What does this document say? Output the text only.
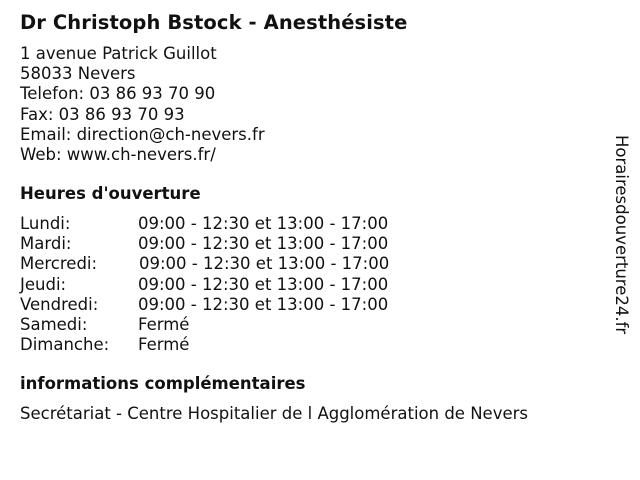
Dr Christoph Bstock - Anesthésiste
1 avenue Patrick Guillot
58033 Nevers
Telefon: 03 86 93 70 90
Fax: 03 86 93 70 93
Email: direction@ch-nevers.fr
Web: www.ch-nevers.fr/
Heures d'ouverture
Lundi:	09:00 - 12:30 et 13:00 - 17:00
Mardi:	09:00 - 12:30 et 13:00 - 17:00
Mercredi:	09:00 - 12:30 et 13:00 - 17:00
Jeudi:	09:00 - 12:30 et 13:00 - 17:00
Vendredi: 09:00 - 12:30 et 13:00 - 17:00
Samedi:	Fermé
Dimanche: Fermé
informations complémentaires
Secrétariat - Centre Hospitalier de l Agglomération de Nevers
Horairesdouverture24.fr
